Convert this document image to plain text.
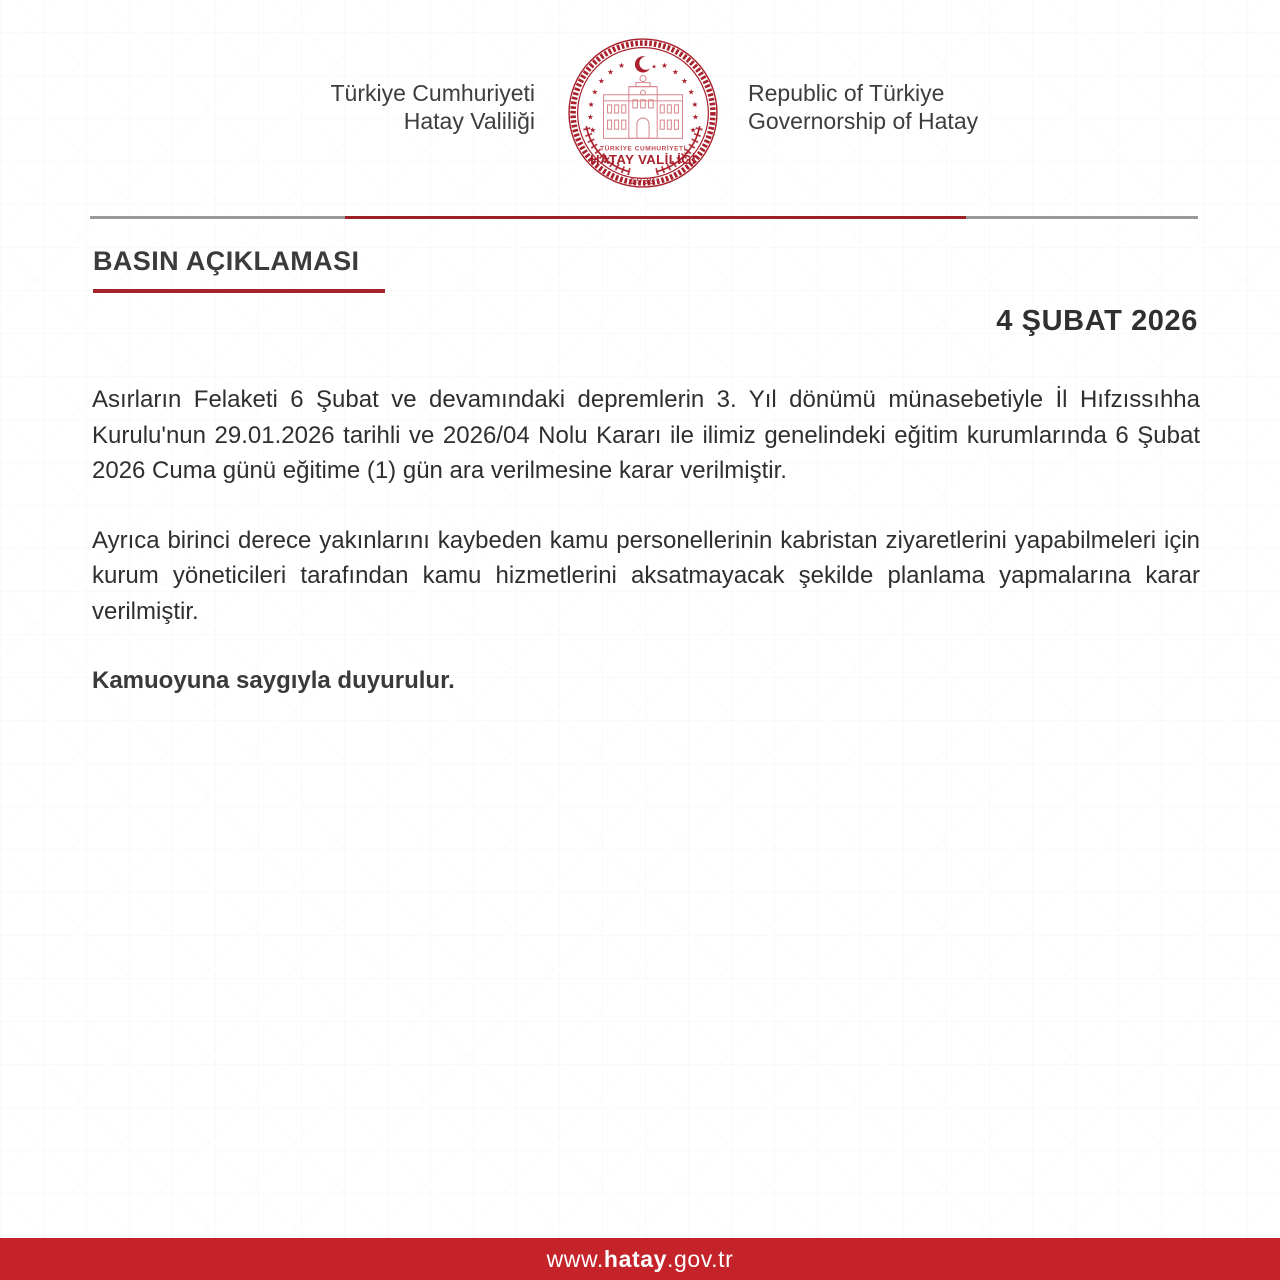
Türkiye Cumhuriyeti
Hatay Valiliği
★
★	★
★	★
★	★
★	★
★	★
★	★
★	★
TÜRKİYE CUMHURİYETİ
HATAY VALİLİĞİ
1939
Republic of Türkiye
Governorship of Hatay
BASIN AÇIKLAMASI
4 ŞUBAT 2026

Asırların Felaketi 6 Şubat ve devamındaki depremlerin 3. Yıl dönümü münasebetiyle İl Hıfzıssıhha Kurulu'nun 29.01.2026 tarihli ve 2026/04 Nolu Kararı ile ilimiz genelindeki eğitim kurumlarında 6 Şubat 2026 Cuma günü eğitime (1) gün ara verilmesine karar verilmiştir.

Ayrıca birinci derece yakınlarını kaybeden kamu personellerinin kabristan ziyaretlerini yapabilmeleri için kurum yöneticileri tarafından kamu hizmetlerini aksatmayacak şekilde planlama yapmalarına karar verilmiştir.

Kamuoyuna saygıyla duyurulur.

www.hatay.gov.tr
